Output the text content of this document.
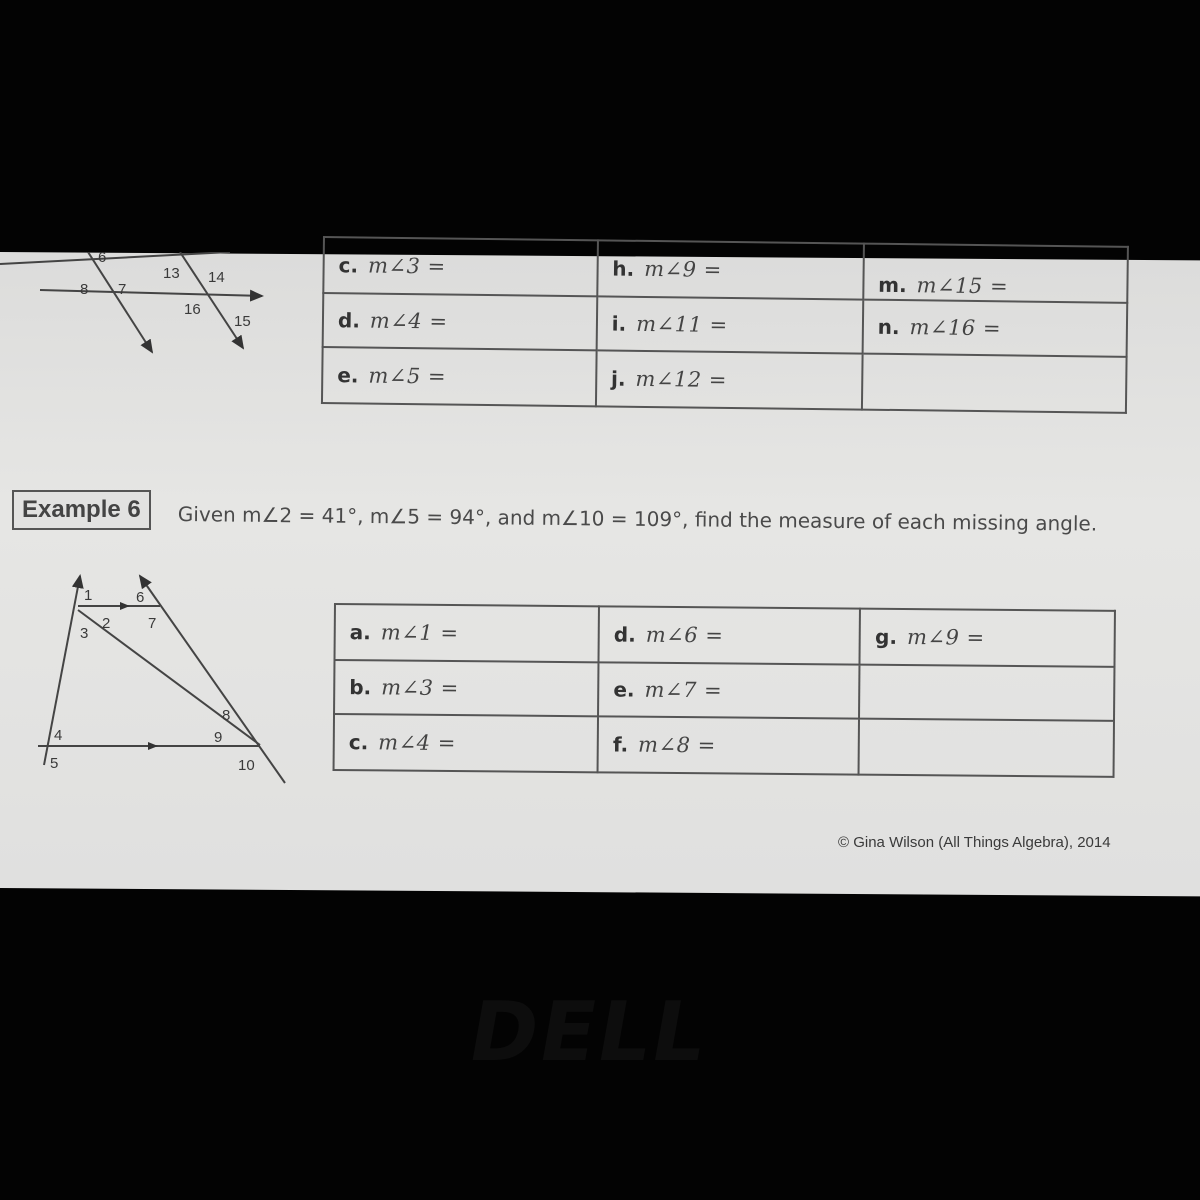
6
8 7
13 14
16
15
c. m∠3 =	h. m∠9 =	m. m∠15 =
d. m∠4 =	i. m∠11 =	n. m∠16 =
e. m∠5 =	j. m∠12 =	
Example 6	Given m∠2 = 41°, m∠5 = 94°, and m∠10 = 109°, find the measure of each missing angle.
1
2
3
6
7
4
5
8
9
10
a. m∠1 =	d. m∠6 =	g. m∠9 =
b. m∠3 =	e. m∠7 =	
c. m∠4 =	f. m∠8 =	
© Gina Wilson (All Things Algebra), 2014
DELL
